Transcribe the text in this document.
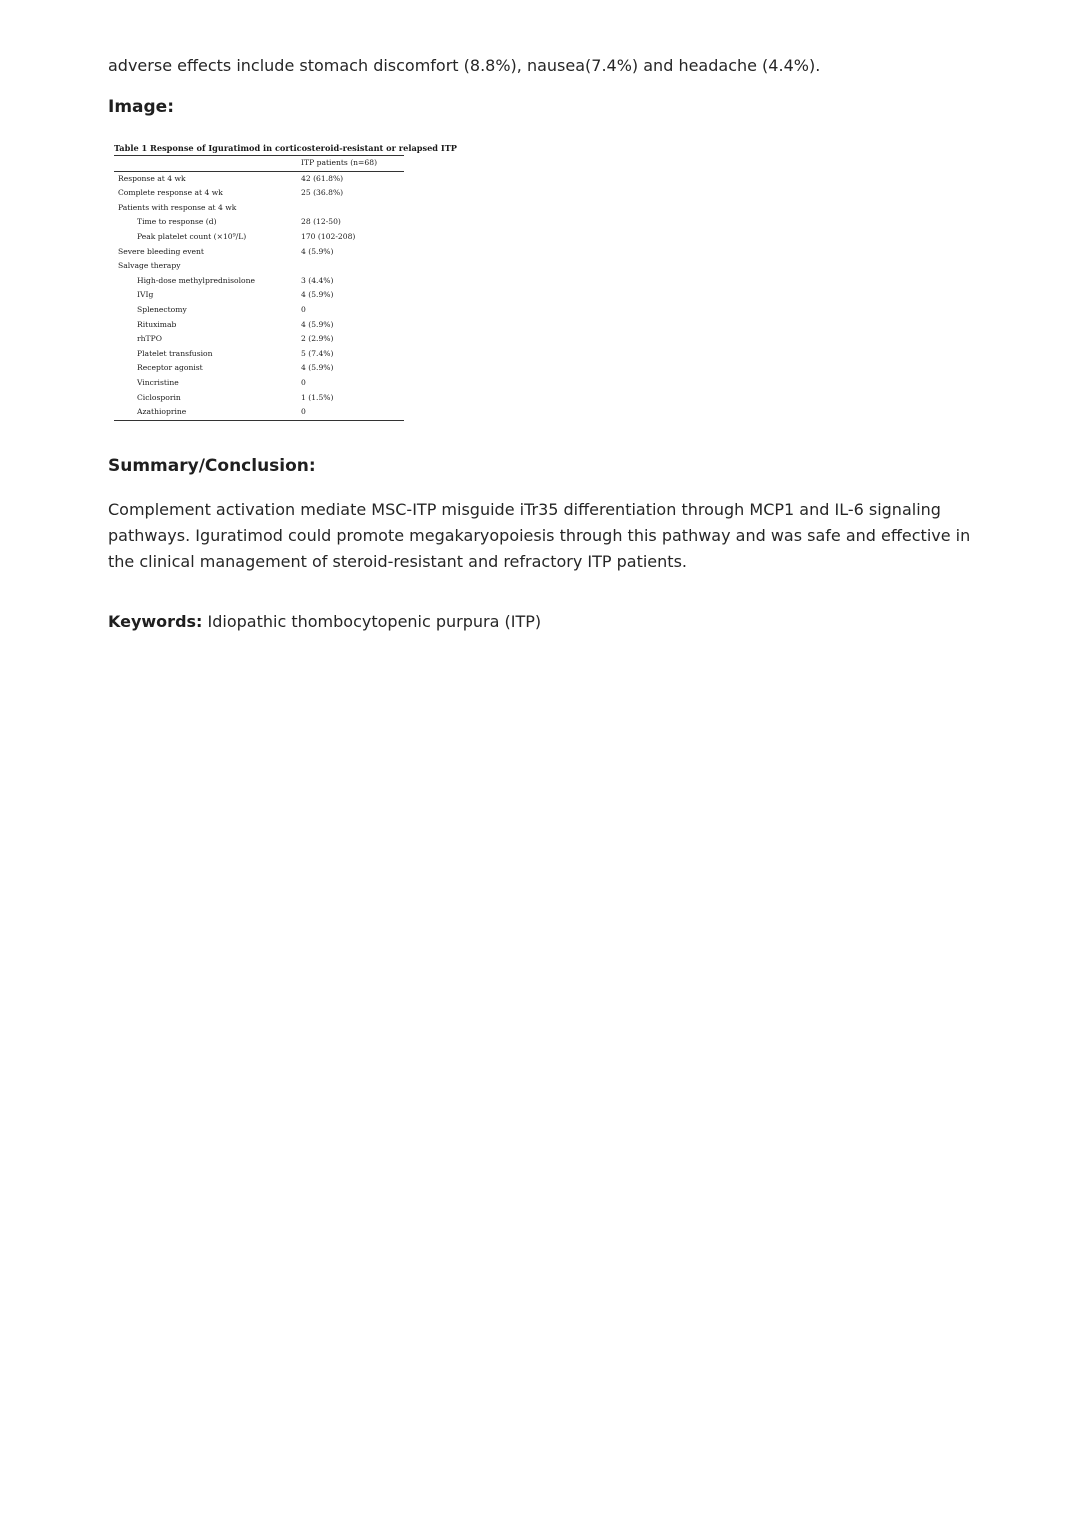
adverse effects include stomach discomfort (8.8%), nausea(7.4%) and headache (4.4%).

Image:
Table 1 Response of Iguratimod in corticosteroid-resistant or relapsed ITP
ITP patients (n=68)
Response at 4 wk	42 (61.8%)
Complete response at 4 wk	25 (36.8%)
Patients with response at 4 wk
Time to response (d)	28 (12-50)
Peak platelet count (×10⁹/L)	170 (102-208)
Severe bleeding event	4 (5.9%)
Salvage therapy
High-dose methylprednisolone	3 (4.4%)
IVIg	4 (5.9%)
Splenectomy	0
Rituximab	4 (5.9%)
rhTPO	2 (2.9%)
Platelet transfusion	5 (7.4%)
Receptor agonist	4 (5.9%)
Vincristine	0
Ciclosporin	1 (1.5%)
Azathioprine	0
Summary/Conclusion:

Complement activation mediate MSC-ITP misguide iTr35 differentiation through MCP1 and IL-6 signaling pathways. Iguratimod could promote megakaryopoiesis through this pathway and was safe and effective in the clinical management of steroid-resistant and refractory ITP patients.

Keywords: Idiopathic thombocytopenic purpura (ITP)
